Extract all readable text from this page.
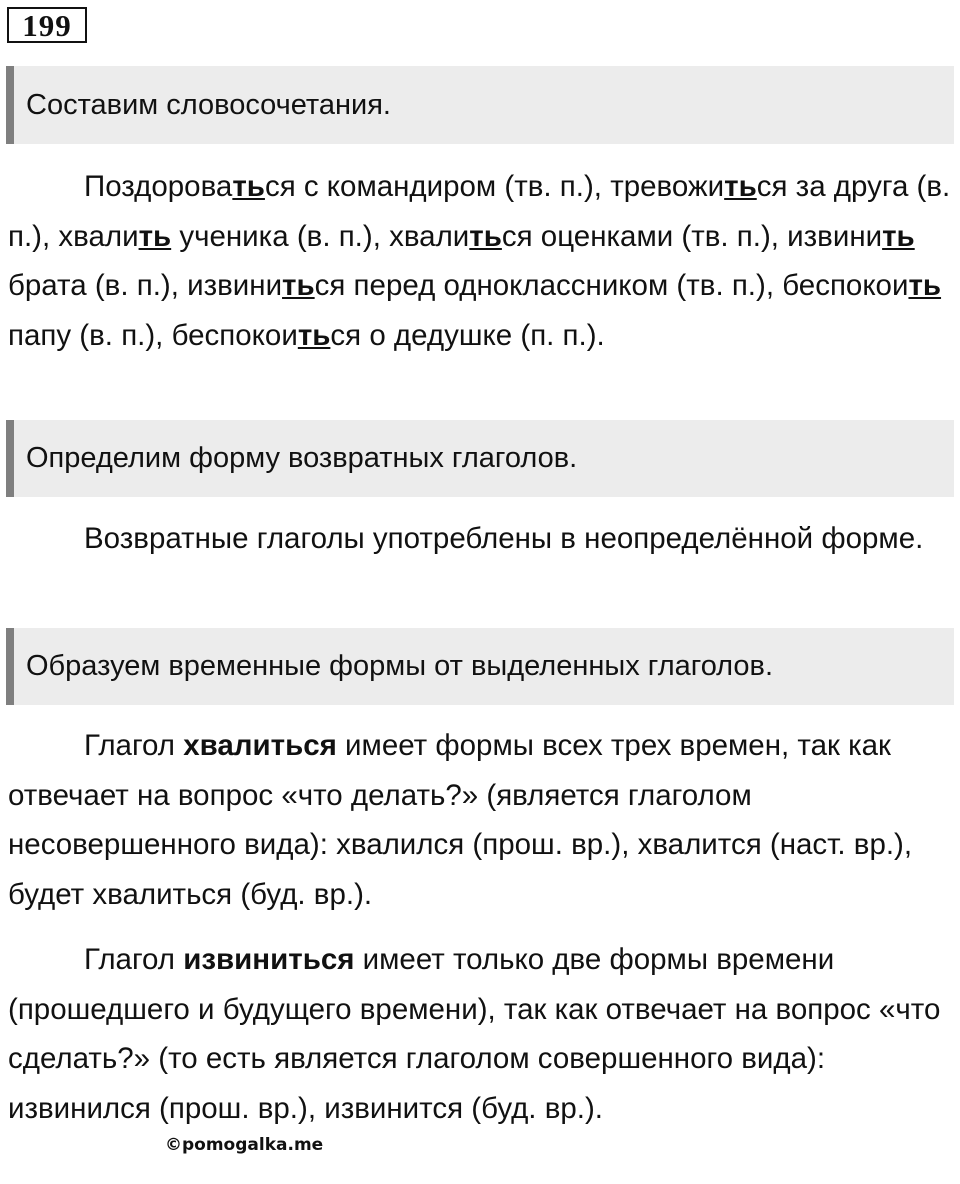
199
Составим словосочетания.

Поздороваться с командиром (тв. п.), тревожиться за друга (в. п.), хвалить ученика (в. п.), хвалиться оценками (тв. п.), извинить брата (в. п.), извиниться перед одноклассником (тв. п.), беспокоить папу (в. п.), беспокоиться о дедушке (п. п.).

Определим форму возвратных глаголов.

Возвратные глаголы употреблены в неопределённой форме.

Образуем временные формы от выделенных глаголов.

Глагол хвалиться имеет формы всех трех времен, так как отвечает на вопрос «что делать?» (является глаголом несовершенного вида): хвалился (прош. вр.), хвалится (наст. вр.), будет хвалиться (буд. вр.).

Глагол извиниться имеет только две формы времени (прошедшего и будущего времени), так как отвечает на вопрос «что сделать?» (то есть является глаголом совершенного вида): извинился (прош. вр.), извинится (буд. вр.).

©pomogalka.me
